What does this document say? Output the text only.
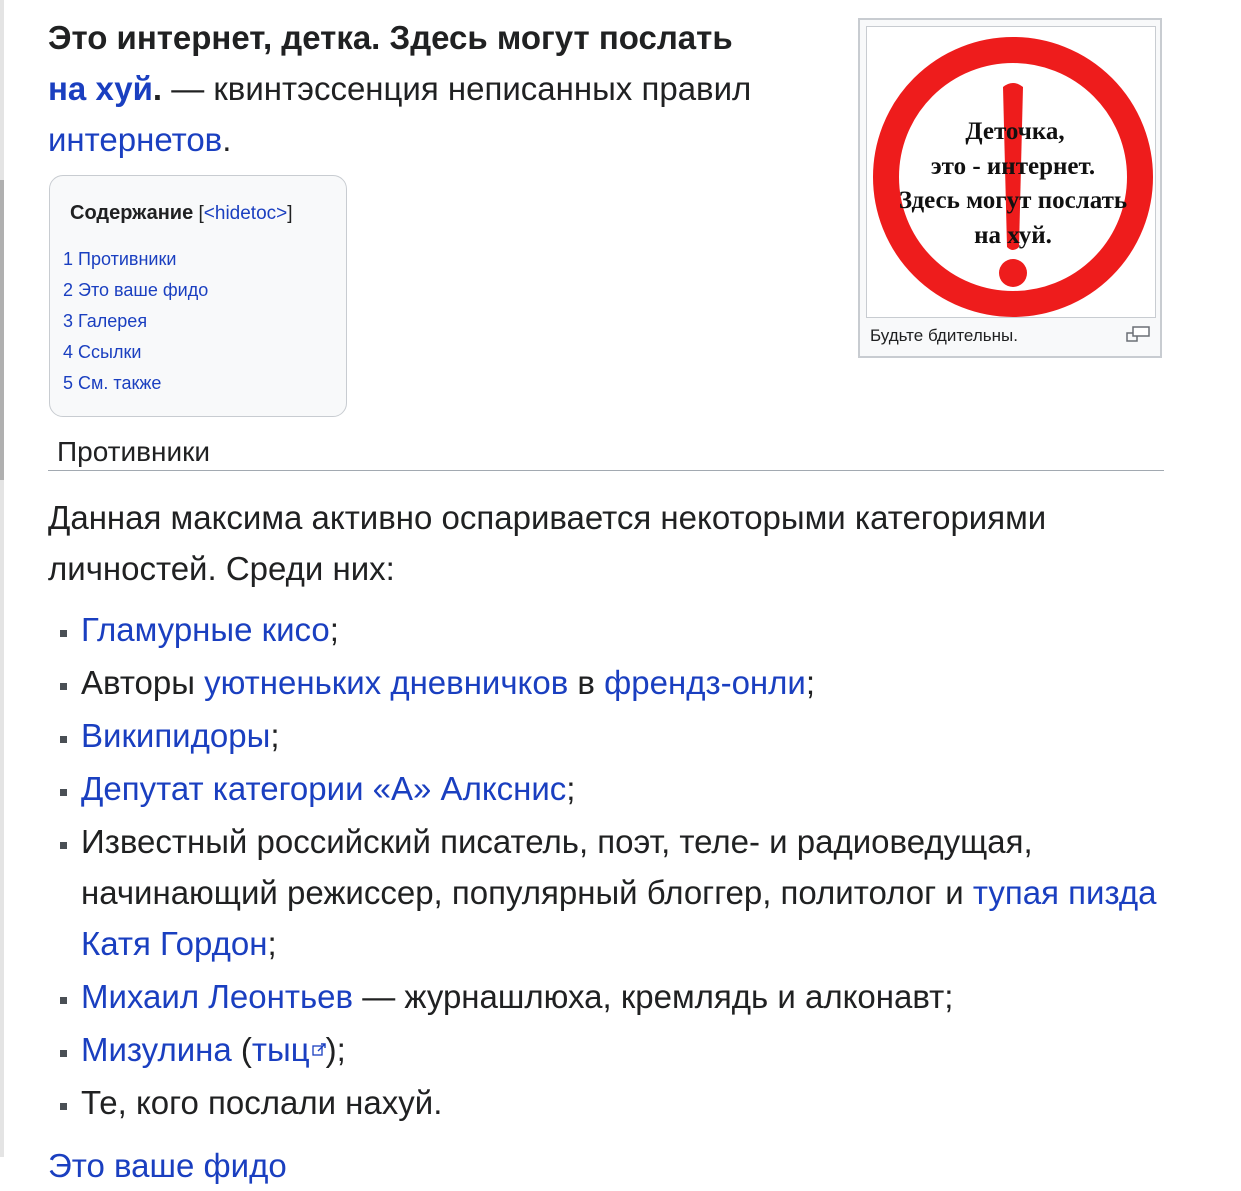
Это интернет, детка. Здесь могут послать
на хуй. — квинтэссенция неписанных правил интернетов.	Деточка,
это - интернет.
Здесь могут послать
на хуй.
Будьте бдительны.
Содержание [<hidetoc>]
1 Противники
2 Это ваше фидо
3 Галерея
4 Ссылки
5 См. также
Противники
Данная максима активно оспаривается некоторыми категориями личностей. Среди них:
Гламурные кисо;
Авторы уютненьких дневничков в френдз-онли;
Википидоры;
Депутат категории «А» Алкснис;
Известный российский писатель, поэт, теле- и радиоведущая, начинающий режиссер, популярный блоггер, политолог и тупая пизда Катя Гордон;
Михаил Леонтьев — журнашлюха, кремлядь и алконавт;
Мизулина (тыц );
Те, кого послали нахуй.
Это ваше фидо
